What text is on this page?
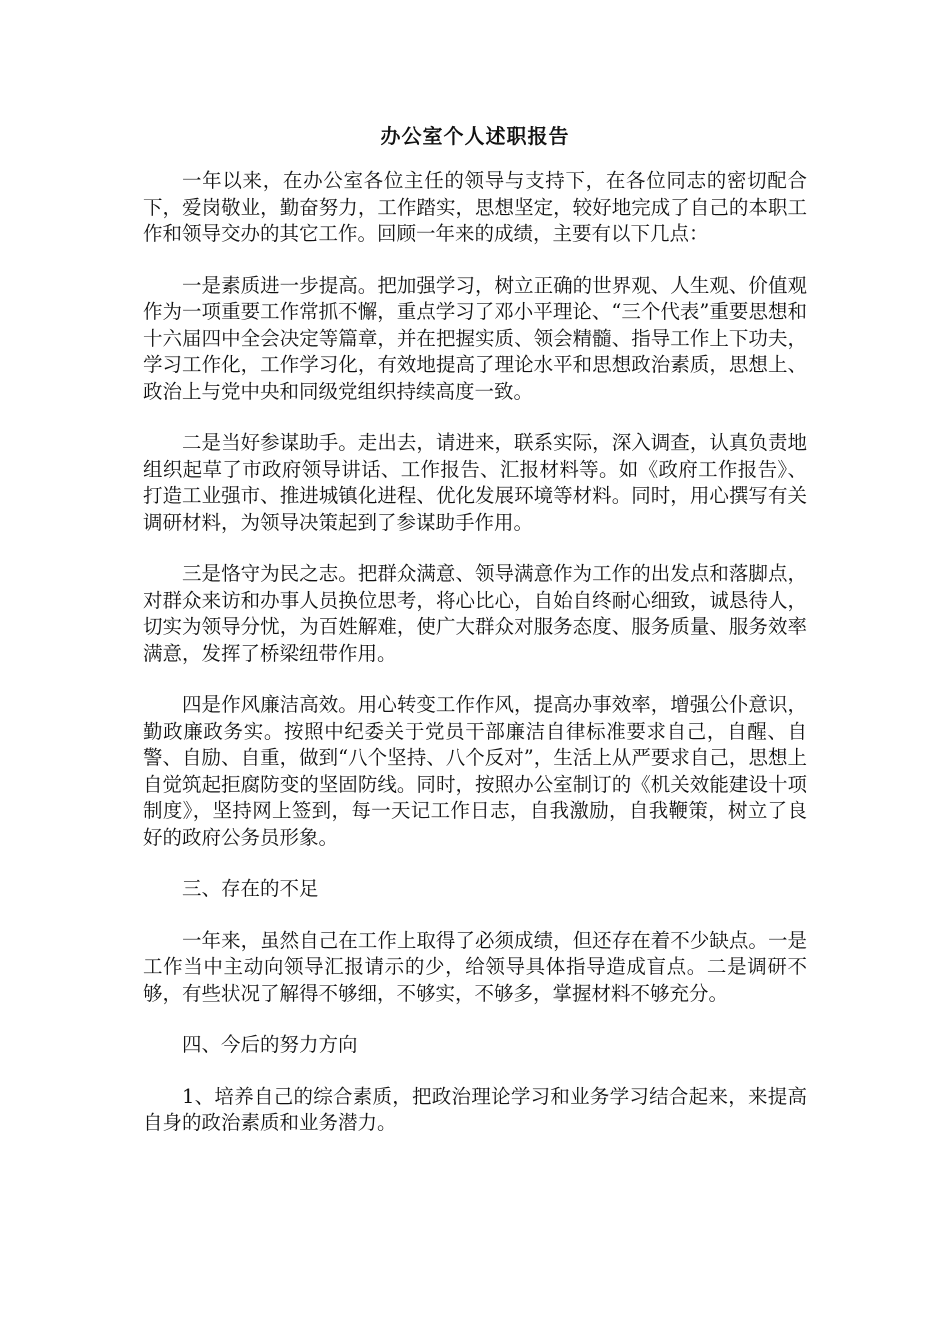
办公室个人述职报告

一年以来，在办公室各位主任的领导与支持下，在各位同志的密切配合下，爱岗敬业，勤奋努力，工作踏实，思想坚定，较好地完成了自己的本职工作和领导交办的其它工作。回顾一年来的成绩，主要有以下几点：

一是素质进一步提高。把加强学习，树立正确的世界观、人生观、价值观作为一项重要工作常抓不懈，重点学习了邓小平理论、“三个代表”重要思想和十六届四中全会决定等篇章，并在把握实质、领会精髓、指导工作上下功夫，学习工作化，工作学习化，有效地提高了理论水平和思想政治素质，思想上、政治上与党中央和同级党组织持续高度一致。

二是当好参谋助手。走出去，请进来，联系实际，深入调查，认真负责地组织起草了市政府领导讲话、工作报告、汇报材料等。如《政府工作报告》、打造工业强市、推进城镇化进程、优化发展环境等材料。同时，用心撰写有关调研材料，为领导决策起到了参谋助手作用。

三是恪守为民之志。把群众满意、领导满意作为工作的出发点和落脚点，对群众来访和办事人员换位思考，将心比心，自始自终耐心细致，诚恳待人，切实为领导分忧，为百姓解难，使广大群众对服务态度、服务质量、服务效率满意，发挥了桥梁纽带作用。

四是作风廉洁高效。用心转变工作作风，提高办事效率，增强公仆意识，勤政廉政务实。按照中纪委关于党员干部廉洁自律标准要求自己，自醒、自警、自励、自重，做到“八个坚持、八个反对”，生活上从严要求自己，思想上自觉筑起拒腐防变的坚固防线。同时，按照办公室制订的《机关效能建设十项制度》，坚持网上签到，每一天记工作日志，自我激励，自我鞭策，树立了良好的政府公务员形象。

三、存在的不足

一年来，虽然自己在工作上取得了必须成绩，但还存在着不少缺点。一是工作当中主动向领导汇报请示的少，给领导具体指导造成盲点。二是调研不够，有些状况了解得不够细，不够实，不够多，掌握材料不够充分。

四、今后的努力方向

1、培养自己的综合素质，把政治理论学习和业务学习结合起来，来提高自身的政治素质和业务潜力。
